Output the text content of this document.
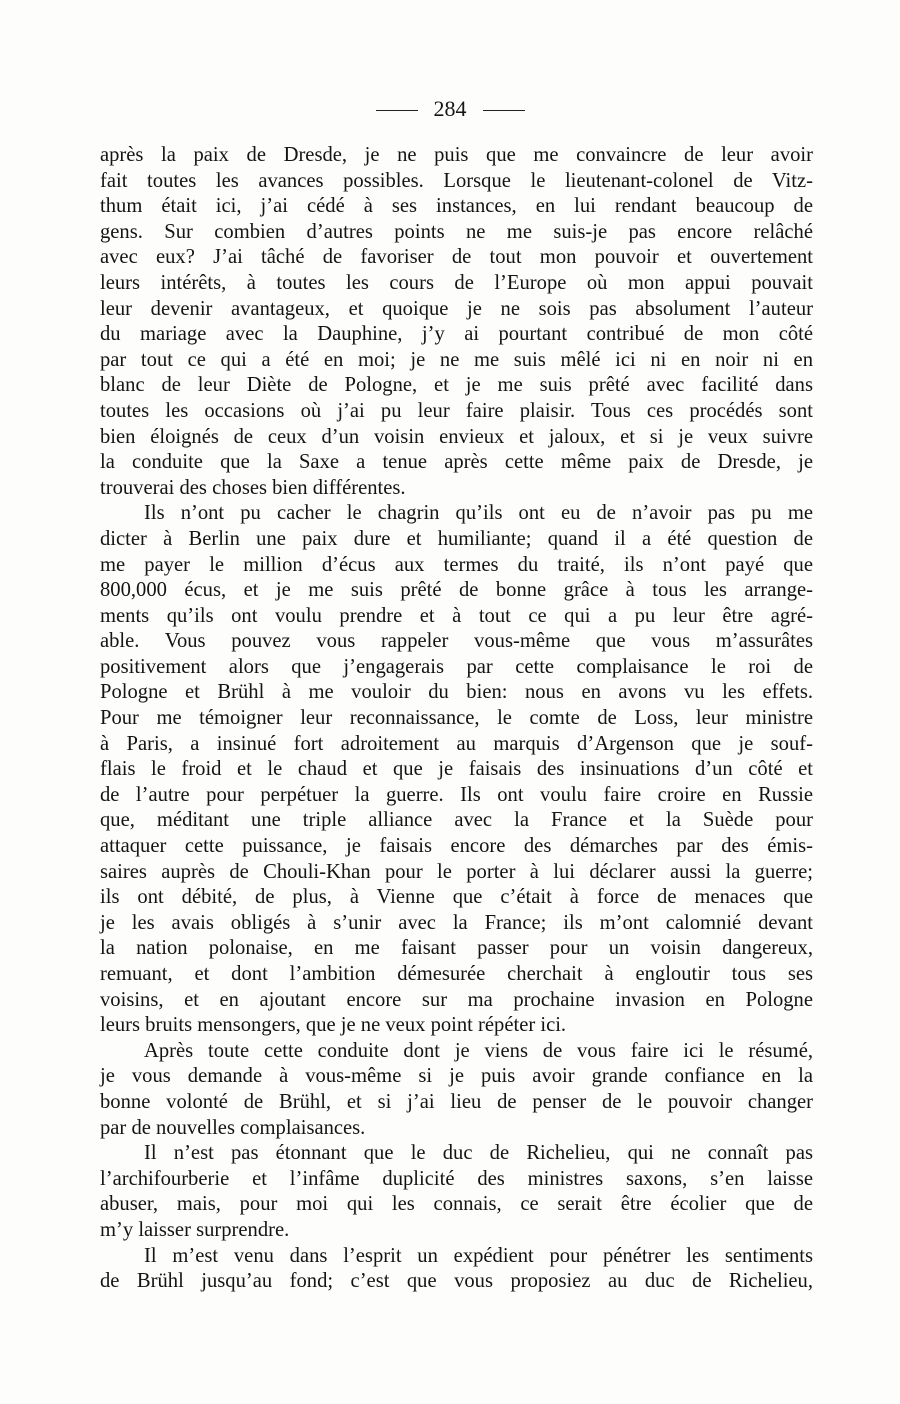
284
après la paix de Dresde, je ne puis que me convaincre de leur avoir
fait toutes les avances possibles. Lorsque le lieutenant-colonel de Vitz-
thum était ici, j’ai cédé à ses instances, en lui rendant beaucoup de
gens. Sur combien d’autres points ne me suis-je pas encore relâché
avec eux? J’ai tâché de favoriser de tout mon pouvoir et ouvertement
leurs intérêts, à toutes les cours de l’Europe où mon appui pouvait
leur devenir avantageux, et quoique je ne sois pas absolument l’auteur
du mariage avec la Dauphine, j’y ai pourtant contribué de mon côté
par tout ce qui a été en moi; je ne me suis mêlé ici ni en noir ni en
blanc de leur Diète de Pologne, et je me suis prêté avec facilité dans
toutes les occasions où j’ai pu leur faire plaisir. Tous ces procédés sont
bien éloignés de ceux d’un voisin envieux et jaloux, et si je veux suivre
la conduite que la Saxe a tenue après cette même paix de Dresde, je
trouverai des choses bien différentes.
Ils n’ont pu cacher le chagrin qu’ils ont eu de n’avoir pas pu me
dicter à Berlin une paix dure et humiliante; quand il a été question de
me payer le million d’écus aux termes du traité, ils n’ont payé que
800,000 écus, et je me suis prêté de bonne grâce à tous les arrange-
ments qu’ils ont voulu prendre et à tout ce qui a pu leur être agré-
able. Vous pouvez vous rappeler vous-même que vous m’assurâtes
positivement alors que j’engagerais par cette complaisance le roi de
Pologne et Brühl à me vouloir du bien: nous en avons vu les effets.
Pour me témoigner leur reconnaissance, le comte de Loss, leur ministre
à Paris, a insinué fort adroitement au marquis d’Argenson que je souf-
flais le froid et le chaud et que je faisais des insinuations d’un côté et
de l’autre pour perpétuer la guerre. Ils ont voulu faire croire en Russie
que, méditant une triple alliance avec la France et la Suède pour
attaquer cette puissance, je faisais encore des démarches par des émis-
saires auprès de Chouli-Khan pour le porter à lui déclarer aussi la guerre;
ils ont débité, de plus, à Vienne que c’était à force de menaces que
je les avais obligés à s’unir avec la France; ils m’ont calomnié devant
la nation polonaise, en me faisant passer pour un voisin dangereux,
remuant, et dont l’ambition démesurée cherchait à engloutir tous ses
voisins, et en ajoutant encore sur ma prochaine invasion en Pologne
leurs bruits mensongers, que je ne veux point répéter ici.
Après toute cette conduite dont je viens de vous faire ici le résumé,
je vous demande à vous-même si je puis avoir grande confiance en la
bonne volonté de Brühl, et si j’ai lieu de penser de le pouvoir changer
par de nouvelles complaisances.
Il n’est pas étonnant que le duc de Richelieu, qui ne connaît pas
l’archifourberie et l’infâme duplicité des ministres saxons, s’en laisse
abuser, mais, pour moi qui les connais, ce serait être écolier que de
m’y laisser surprendre.
Il m’est venu dans l’esprit un expédient pour pénétrer les sentiments
de Brühl jusqu’au fond; c’est que vous proposiez au duc de Richelieu,
